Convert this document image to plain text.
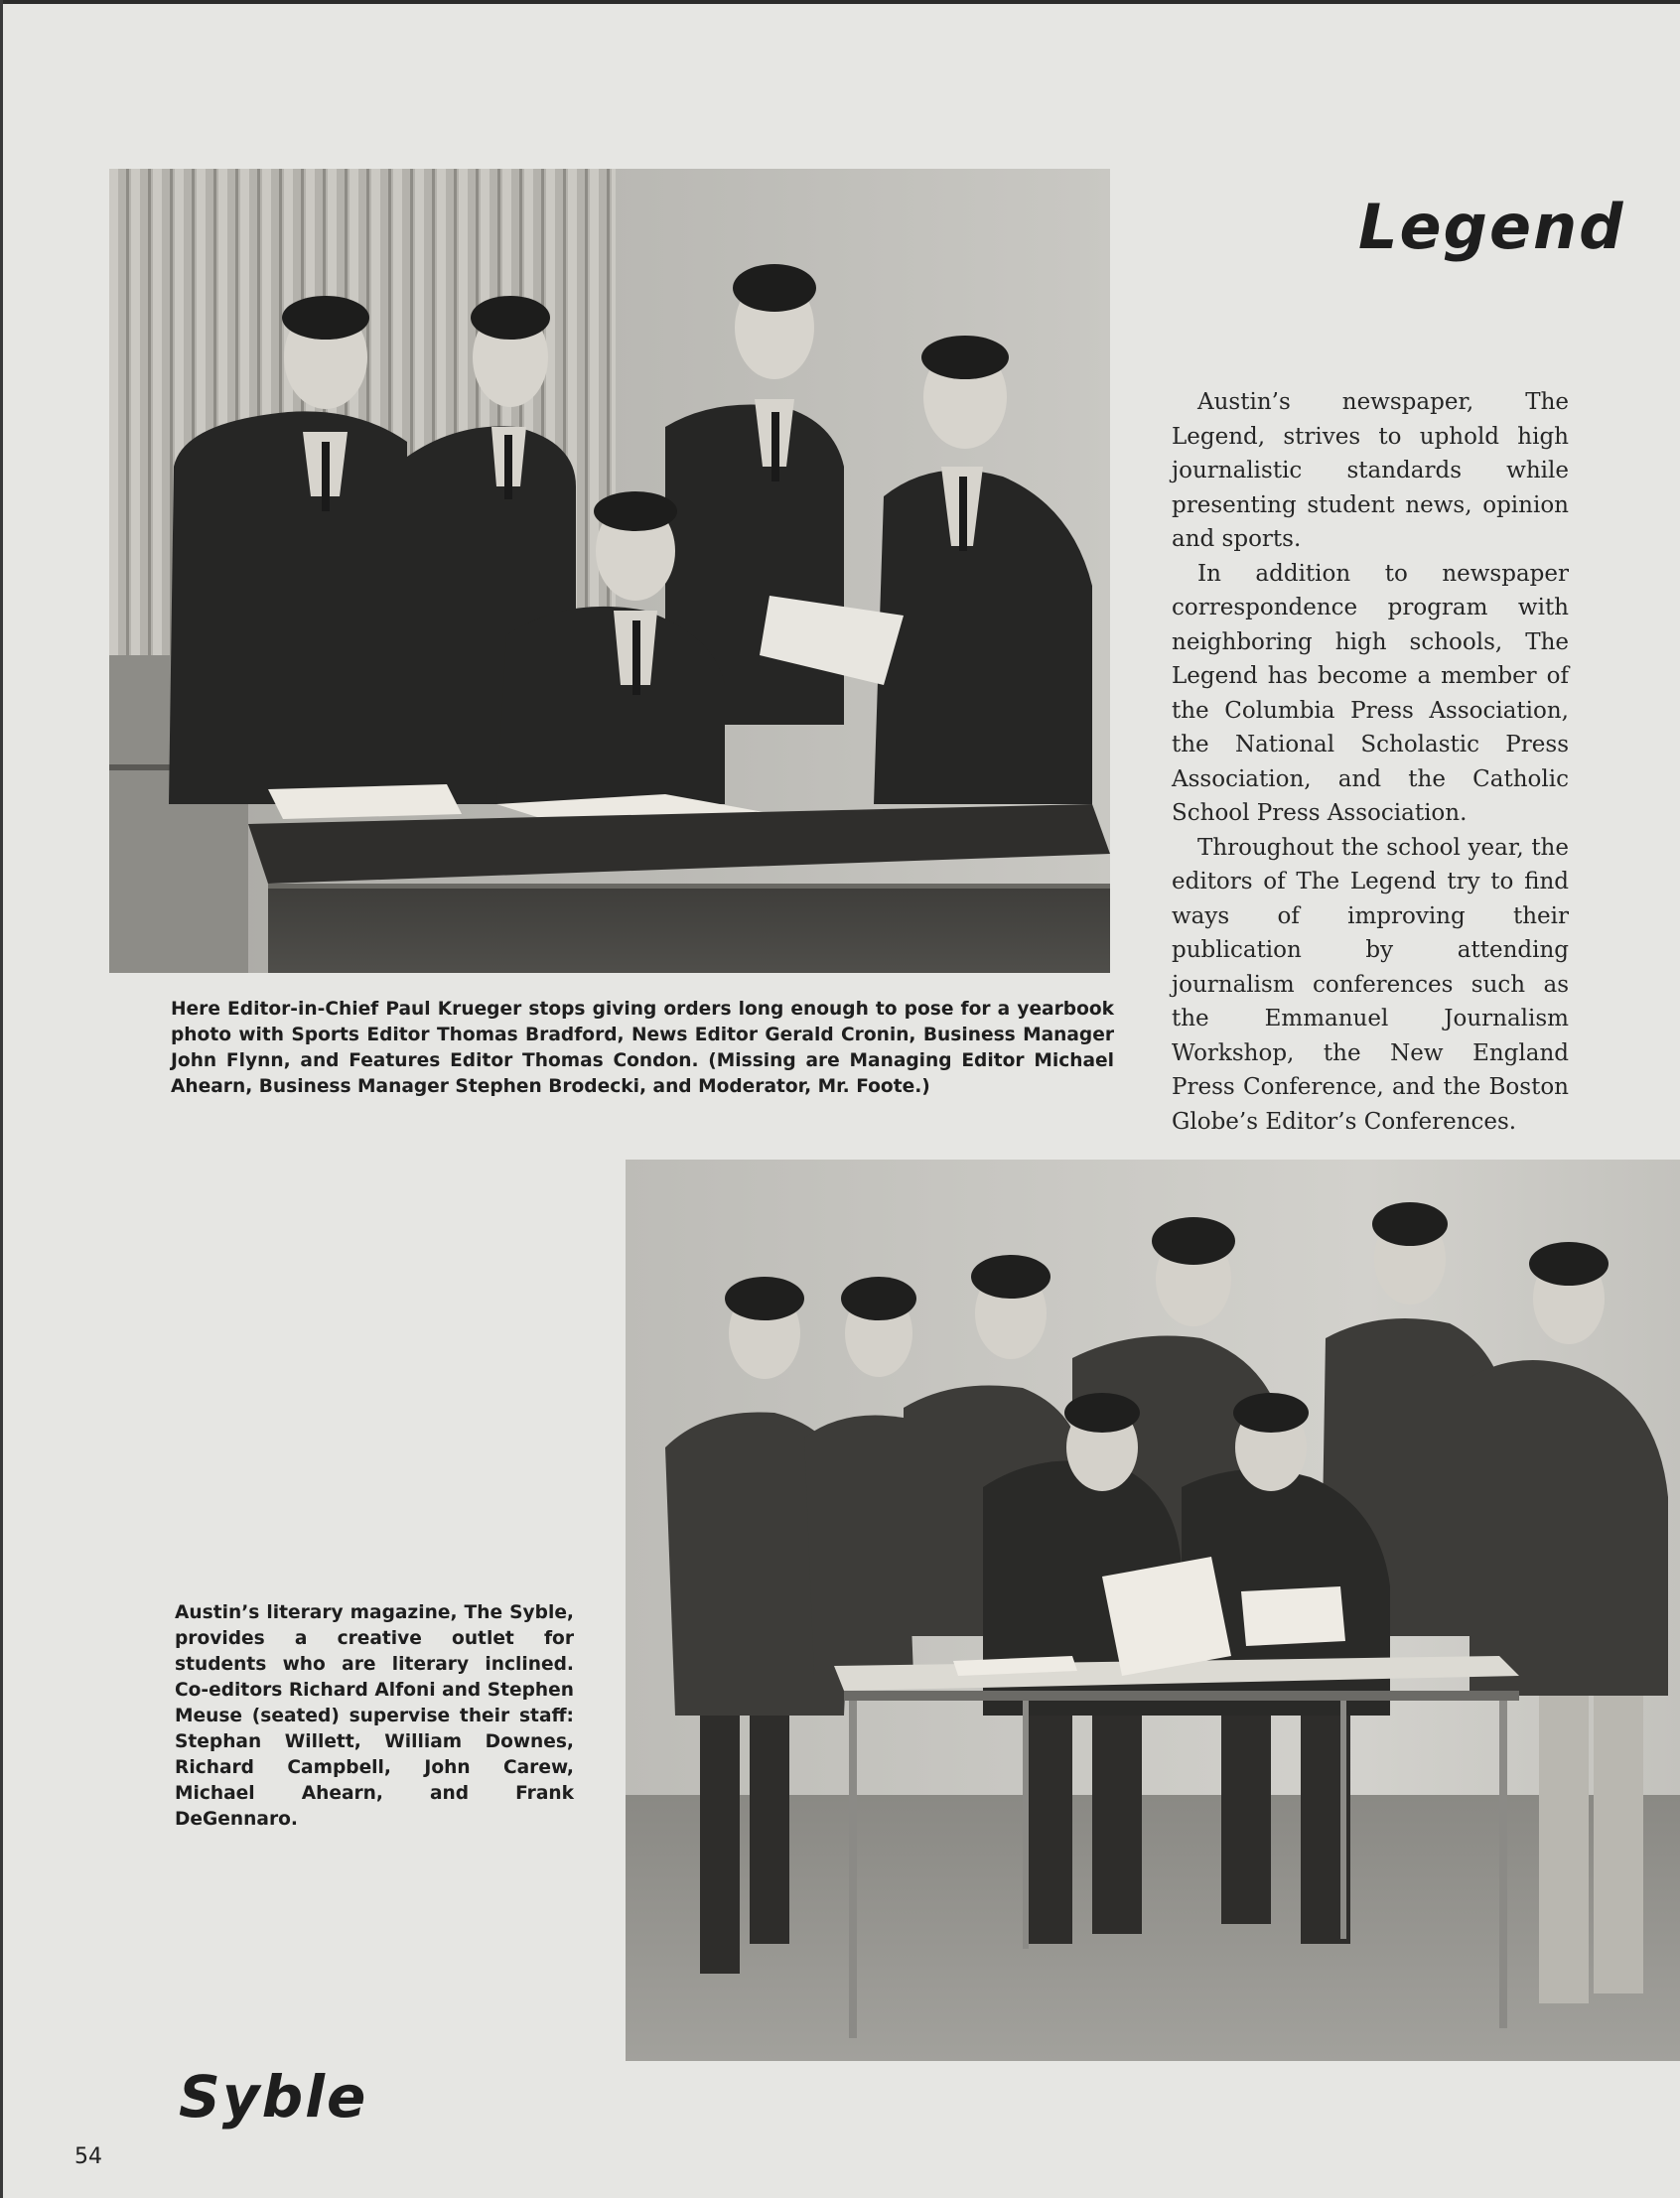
Legend

Austin’s newspaper, The Legend, strives to uphold high journalistic standards while presenting student news, opinion and sports.

In addition to newspaper correspondence program with neighboring high schools, The Legend has become a member of the Columbia Press Association, the National Scholastic Press Association, and the Catholic School Press Association.

Throughout the school year, the editors of The Legend try to find ways of improving their publication by attending journalism conferences such as the Emmanuel Journalism Workshop, the New England Press Conference, and the Boston Globe’s Editor’s Conferences.

Here Editor-in-Chief Paul Krueger stops giving orders long enough to pose for a yearbook photo with Sports Editor Thomas Bradford, News Editor Gerald Cronin, Business Manager John Flynn, and Features Editor Thomas Condon. (Missing are Managing Editor Michael Ahearn, Business Manager Stephen Brodecki, and Moderator, Mr. Foote.)
Austin’s literary magazine, The Syble, provides a creative outlet for students who are literary inclined. Co-editors Richard Alfoni and Stephen Meuse (seated) supervise their staff: Stephan Willett, William Downes, Richard Campbell, John Carew, Michael Ahearn, and Frank DeGennaro.
Syble
54
